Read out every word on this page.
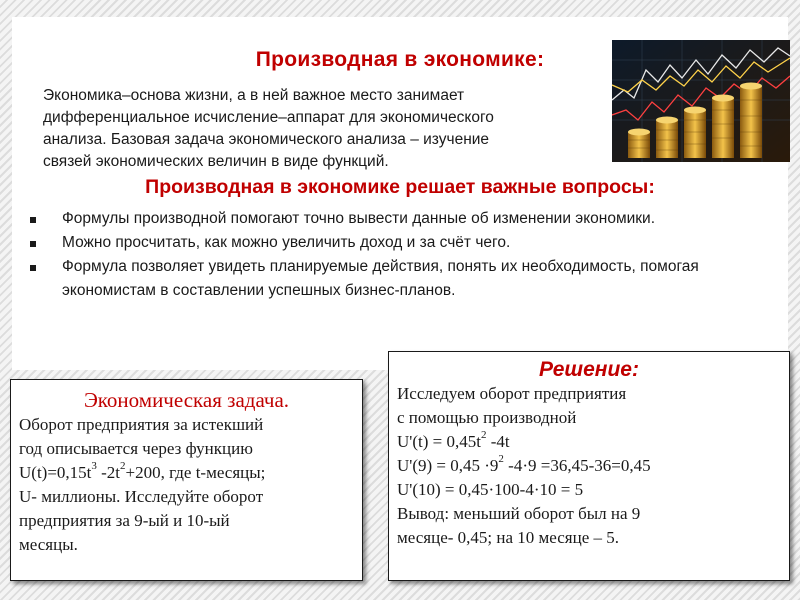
Производная в экономике:
Экономика–основа жизни, а в ней важное место занимает
дифференциальное исчисление–аппарат для экономического
анализа. Базовая задача экономического анализа – изучение
связей экономических величин в виде функций.
Производная в экономике решает важные вопросы:
Формулы производной помогают точно вывести данные об изменении экономики.
Можно просчитать, как можно увеличить доход и за счёт чего.
Формула позволяет увидеть планируемые действия, понять их необходимость, помогая экономистам в составлении успешных бизнес-планов.
Экономическая задача.
Оборот предприятия за истекший
год описывается через функцию
$U(t)=0,15t^3$ $-2t^2+200$, где t-месяцы;
U- миллионы. Исследуйте оборот
предприятия за 9-ый и 10-ый
месяцы.
Решение:
Исследуем оборот предприятия
с помощью производной
$U'(t) = 0,45t^2$ -4t
$U'(9) = 0,45 \cdot 9^2$ -4·9 =36,45-36=0,45
U'(10) = 0,45·100-4·10 = 5
Вывод: меньший оборот был на 9
месяце- 0,45; на 10 месяце – 5.
